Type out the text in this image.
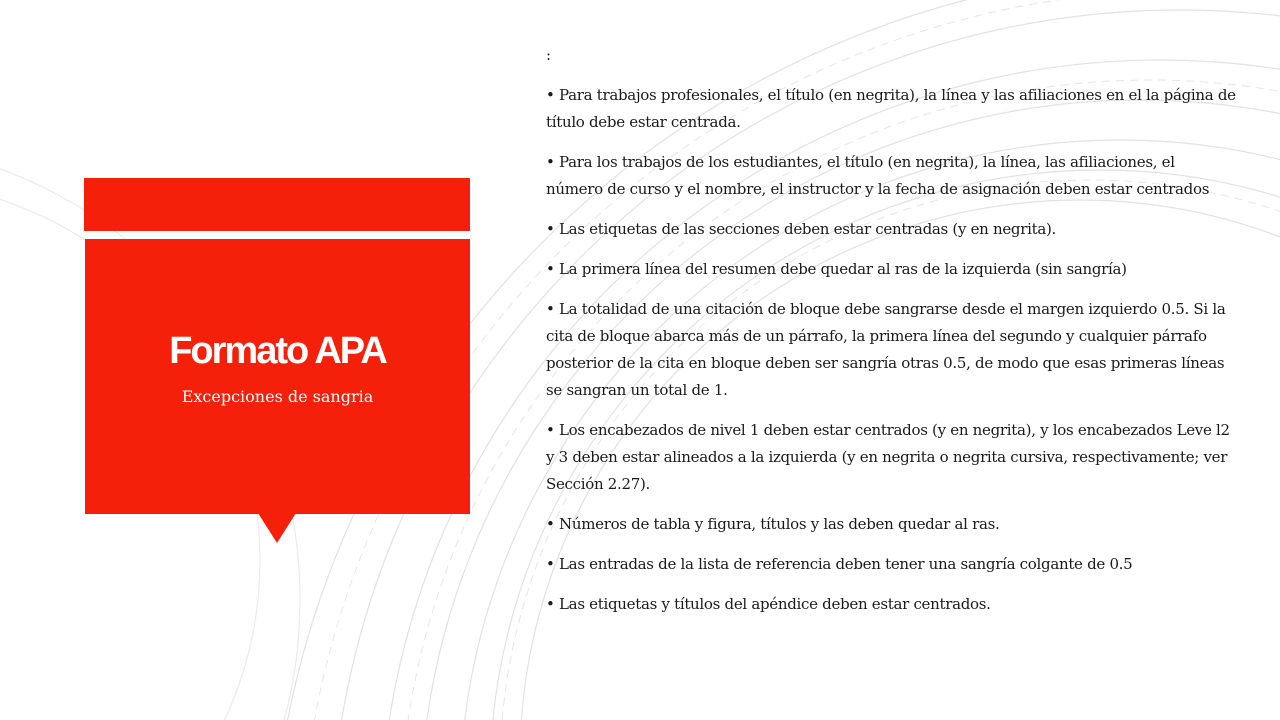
Formato APA
Excepciones de sangria

:

• Para trabajos profesionales, el título (en negrita), la línea y las afiliaciones en el la página de título debe estar centrada.

• Para los trabajos de los estudiantes, el título (en negrita), la línea, las afiliaciones, el número de curso y el nombre, el instructor y la fecha de asignación deben estar centrados

• Las etiquetas de las secciones deben estar centradas (y en negrita).

• La primera línea del resumen debe quedar al ras de la izquierda (sin sangría)

• La totalidad de una citación de bloque debe sangrarse desde el margen izquierdo 0.5. Si la cita de bloque abarca más de un párrafo, la primera línea del segundo y cualquier párrafo posterior de la cita en bloque deben ser sangría otras 0.5, de modo que esas primeras líneas se sangran un total de 1.

• Los encabezados de nivel 1 deben estar centrados (y en negrita), y los encabezados Leve l2 y 3 deben estar alineados a la izquierda (y en negrita o negrita cursiva, respectivamente; ver Sección 2.27).

• Números de tabla y figura, títulos y las deben quedar al ras.

• Las entradas de la lista de referencia deben tener una sangría colgante de 0.5

• Las etiquetas y títulos del apéndice deben estar centrados.
